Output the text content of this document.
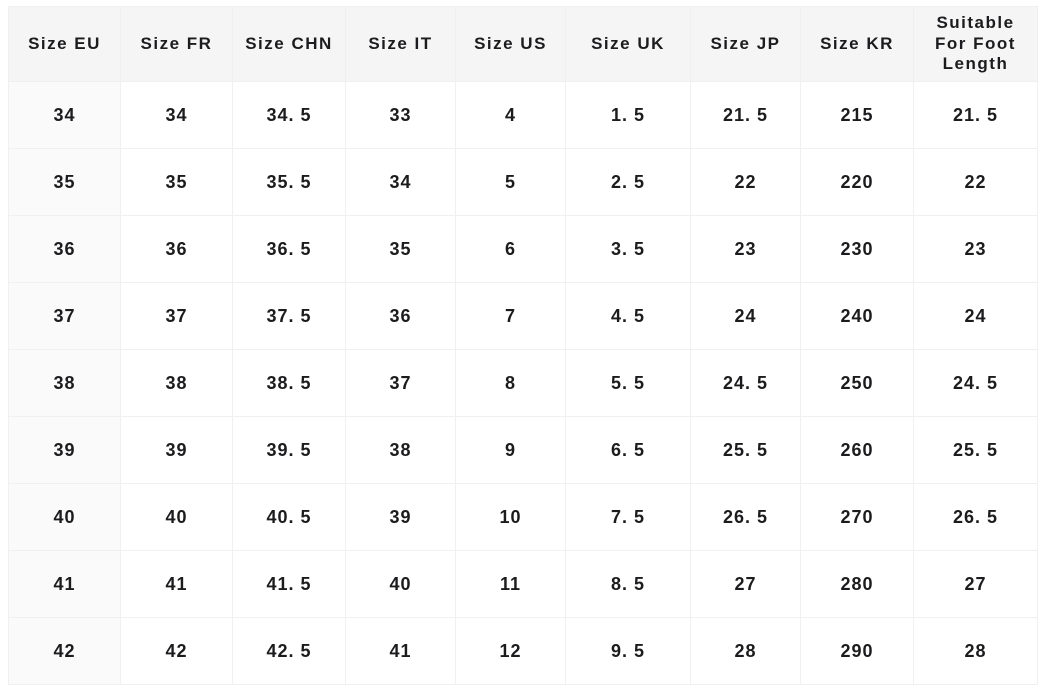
Size EU	Size FR	Size CHN	Size IT	Size US	Size UK	Size JP	Size KR	Suitable For Foot Length
34	34	34. 5	33	4	1. 5	21. 5	215	21. 5
35	35	35. 5	34	5	2. 5	22	220	22
36	36	36. 5	35	6	3. 5	23	230	23
37	37	37. 5	36	7	4. 5	24	240	24
38	38	38. 5	37	8	5. 5	24. 5	250	24. 5
39	39	39. 5	38	9	6. 5	25. 5	260	25. 5
40	40	40. 5	39	10	7. 5	26. 5	270	26. 5
41	41	41. 5	40	11	8. 5	27	280	27
42	42	42. 5	41	12	9. 5	28	290	28
